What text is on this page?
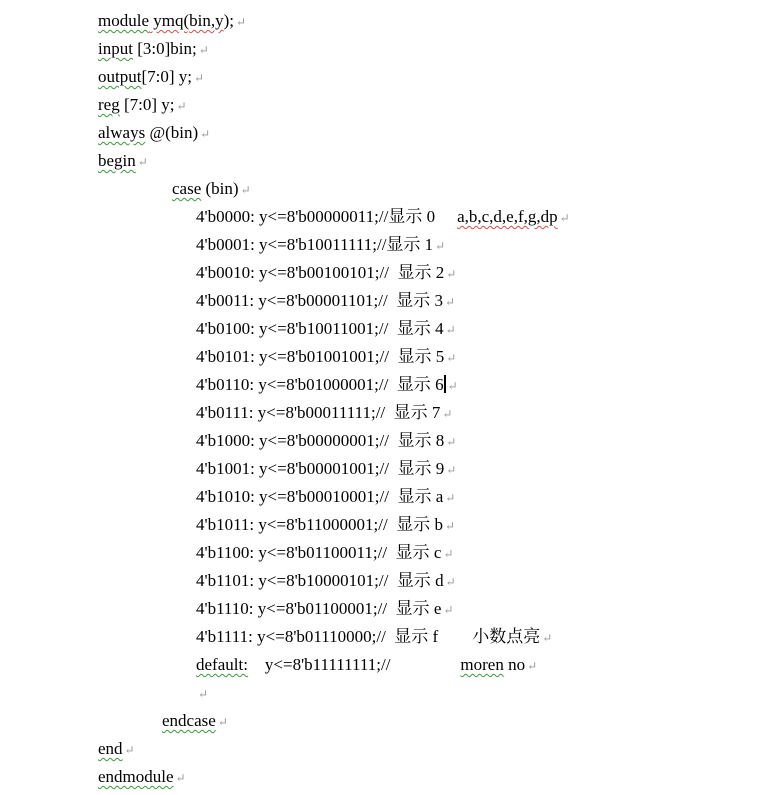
module ymq(bin,y); ↵
input [3:0]bin; ↵
output[7:0] y; ↵
reg [7:0] y; ↵
always @(bin) ↵
begin ↵
case (bin) ↵
4'b0000: y<=8'b00000011;//显示 0 a,b,c,d,e,f,g,dp ↵
4'b0001: y<=8'b10011111;//显示 1 ↵
4'b0010: y<=8'b00100101;//  显示 2 ↵
4'b0011: y<=8'b00001101;//  显示 3 ↵
4'b0100: y<=8'b10011001;//  显示 4 ↵
4'b0101: y<=8'b01001001;//  显示 5 ↵
4'b0110: y<=8'b01000001;//  显示 6 ↵
4'b0111: y<=8'b00011111;//  显示 7 ↵
4'b1000: y<=8'b00000001;//  显示 8 ↵
4'b1001: y<=8'b00001001;//  显示 9 ↵
4'b1010: y<=8'b00010001;//  显示 a ↵
4'b1011: y<=8'b11000001;//  显示 b ↵
4'b1100: y<=8'b01100011;//  显示 c ↵
4'b1101: y<=8'b10000101;//  显示 d ↵
4'b1110: y<=8'b01100001;//  显示 e ↵
4'b1111: y<=8'b01110000;//  显示 f 小数点亮 ↵
default:    y<=8'b11111111;//	moren no ↵
↵
endcase ↵
end ↵
endmodule ↵
